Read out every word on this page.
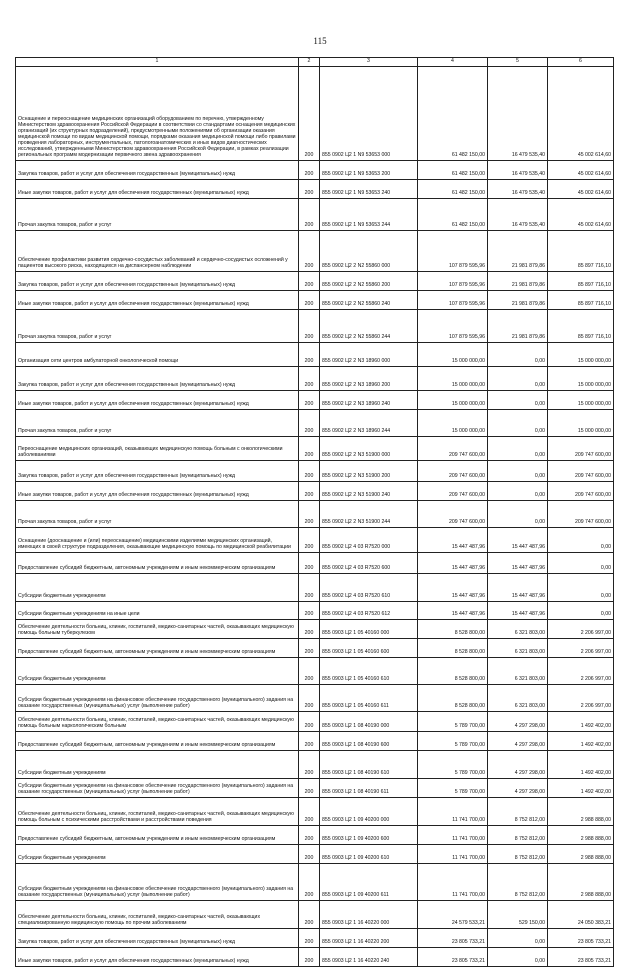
115
1	2	3	4	5	6
Оснащение и переоснащение медицинских организаций оборудованием по перечню, утвержденному Министерством здравоохранения Российской Федерации в соответствии со стандартами оснащения медицинских организаций (их структурных подразделений), предусмотренными положениями об организации оказания медицинской помощи по видам медицинской помощи, порядками оказания медицинской помощи либо правилами проведения лабораторных, инструментальных, патологоанатомических и иных видов диагностических исследований, утвержденными Министерством здравоохранения Российской Федерации, в рамках реализации региональных программ модернизации первичного звена здравоохранения	200	855 0902 Ц2 1 N9 53653 000	61 482 150,00	16 479 535,40	45 002 614,60
Закупка товаров, работ и услуг для обеспечения государственных (муниципальных) нужд	200	855 0902 Ц2 1 N9 53653 200	61 482 150,00	16 479 535,40	45 002 614,60
Иные закупки товаров, работ и услуг для обеспечения государственных (муниципальных) нужд	200	855 0902 Ц2 1 N9 53653 240	61 482 150,00	16 479 535,40	45 002 614,60
Прочая закупка товаров, работ и услуг	200	855 0902 Ц2 1 N9 53653 244	61 482 150,00	16 479 535,40	45 002 614,60
Обеспечение профилактики развития сердечно-сосудистых заболеваний и сердечно-сосудистых осложнений у пациентов высокого риска, находящихся на диспансерном наблюдении	200	855 0902 Ц2 2 N2 55860 000	107 879 595,96	21 981 879,86	85 897 716,10
Закупка товаров, работ и услуг для обеспечения государственных (муниципальных) нужд	200	855 0902 Ц2 2 N2 55860 200	107 879 595,96	21 981 879,86	85 897 716,10
Иные закупки товаров, работ и услуг для обеспечения государственных (муниципальных) нужд	200	855 0902 Ц2 2 N2 55860 240	107 879 595,96	21 981 879,86	85 897 716,10
Прочая закупка товаров, работ и услуг	200	855 0902 Ц2 2 N2 55860 244	107 879 595,96	21 981 879,86	85 897 716,10
Организация сети центров амбулаторной онкологической помощи	200	855 0902 Ц2 2 N3 18960 000	15 000 000,00	0,00	15 000 000,00
Закупка товаров, работ и услуг для обеспечения государственных (муниципальных) нужд	200	855 0902 Ц2 2 N3 18960 200	15 000 000,00	0,00	15 000 000,00
Иные закупки товаров, работ и услуг для обеспечения государственных (муниципальных) нужд	200	855 0902 Ц2 2 N3 18960 240	15 000 000,00	0,00	15 000 000,00
Прочая закупка товаров, работ и услуг	200	855 0902 Ц2 2 N3 18960 244	15 000 000,00	0,00	15 000 000,00
Переоснащение медицинских организаций, оказывающих медицинскую помощь больным с онкологическими заболеваниями	200	855 0902 Ц2 2 N3 51900 000	209 747 600,00	0,00	209 747 600,00
Закупка товаров, работ и услуг для обеспечения государственных (муниципальных) нужд	200	855 0902 Ц2 2 N3 51900 200	209 747 600,00	0,00	209 747 600,00
Иные закупки товаров, работ и услуг для обеспечения государственных (муниципальных) нужд	200	855 0902 Ц2 2 N3 51900 240	209 747 600,00	0,00	209 747 600,00
Прочая закупка товаров, работ и услуг	200	855 0902 Ц2 2 N3 51900 244	209 747 600,00	0,00	209 747 600,00
Оснащение (дооснащение и (или) переоснащение) медицинскими изделиями медицинских организаций, имеющих в своей структуре подразделения, оказывающие медицинскую помощь по медицинской реабилитации	200	855 0902 Ц2 4 03 R7520 000	15 447 487,96	15 447 487,96	0,00
Предоставление субсидий бюджетным, автономным учреждениям и иным некоммерческим организациям	200	855 0902 Ц2 4 03 R7520 600	15 447 487,96	15 447 487,96	0,00
Субсидии бюджетным учреждениям	200	855 0902 Ц2 4 03 R7520 610	15 447 487,96	15 447 487,96	0,00
Субсидии бюджетным учреждениям на иные цели	200	855 0902 Ц2 4 03 R7520 612	15 447 487,96	15 447 487,96	0,00
Обеспечение деятельности больниц, клиник, госпиталей, медико-санитарных частей, оказывающих медицинскую помощь больным туберкулезом	200	855 0903 Ц2 1 05 40160 000	8 528 800,00	6 321 803,00	2 206 997,00
Предоставление субсидий бюджетным, автономным учреждениям и иным некоммерческим организациям	200	855 0903 Ц2 1 05 40160 600	8 528 800,00	6 321 803,00	2 206 997,00
Субсидии бюджетным учреждениям	200	855 0903 Ц2 1 05 40160 610	8 528 800,00	6 321 803,00	2 206 997,00
Субсидии бюджетным учреждениям на финансовое обеспечение государственного (муниципального) задания на оказание государственных (муниципальных) услуг (выполнение работ)	200	855 0903 Ц2 1 05 40160 611	8 528 800,00	6 321 803,00	2 206 997,00
Обеспечение деятельности больниц, клиник, госпиталей, медико-санитарных частей, оказывающих медицинскую помощь больным наркологическим больным	200	855 0903 Ц2 1 08 40190 000	5 789 700,00	4 297 298,00	1 492 402,00
Предоставление субсидий бюджетным, автономным учреждениям и иным некоммерческим организациям	200	855 0903 Ц2 1 08 40190 600	5 789 700,00	4 297 298,00	1 492 402,00
Субсидии бюджетным учреждениям	200	855 0903 Ц2 1 08 40190 610	5 789 700,00	4 297 298,00	1 492 402,00
Субсидии бюджетным учреждениям на финансовое обеспечение государственного (муниципального) задания на оказание государственных (муниципальных) услуг (выполнение работ)	200	855 0903 Ц2 1 08 40190 611	5 789 700,00	4 297 298,00	1 492 402,00
Обеспечение деятельности больниц, клиник, госпиталей, медико-санитарных частей, оказывающих медицинскую помощь больным с психическими расстройствами и расстройствами поведения	200	855 0903 Ц2 1 09 40200 000	11 741 700,00	8 752 812,00	2 988 888,00
Предоставление субсидий бюджетным, автономным учреждениям и иным некоммерческим организациям	200	855 0903 Ц2 1 09 40200 600	11 741 700,00	8 752 812,00	2 988 888,00
Субсидии бюджетным учреждениям	200	855 0903 Ц2 1 09 40200 610	11 741 700,00	8 752 812,00	2 988 888,00
Субсидии бюджетным учреждениям на финансовое обеспечение государственного (муниципального) задания на оказание государственных (муниципальных) услуг (выполнение работ)	200	855 0903 Ц2 1 09 40200 611	11 741 700,00	8 752 812,00	2 988 888,00
Обеспечение деятельности больниц, клиник, госпиталей, медико-санитарных частей, оказывающих специализированную медицинскую помощь по прочим заболеваниям	200	855 0903 Ц2 1 16 40220 000	24 579 533,21	529 150,00	24 050 383,21
Закупка товаров, работ и услуг для обеспечения государственных (муниципальных) нужд	200	855 0903 Ц2 1 16 40220 200	23 805 733,21	0,00	23 805 733,21
Иные закупки товаров, работ и услуг для обеспечения государственных (муниципальных) нужд	200	855 0903 Ц2 1 16 40220 240	23 805 733,21	0,00	23 805 733,21
